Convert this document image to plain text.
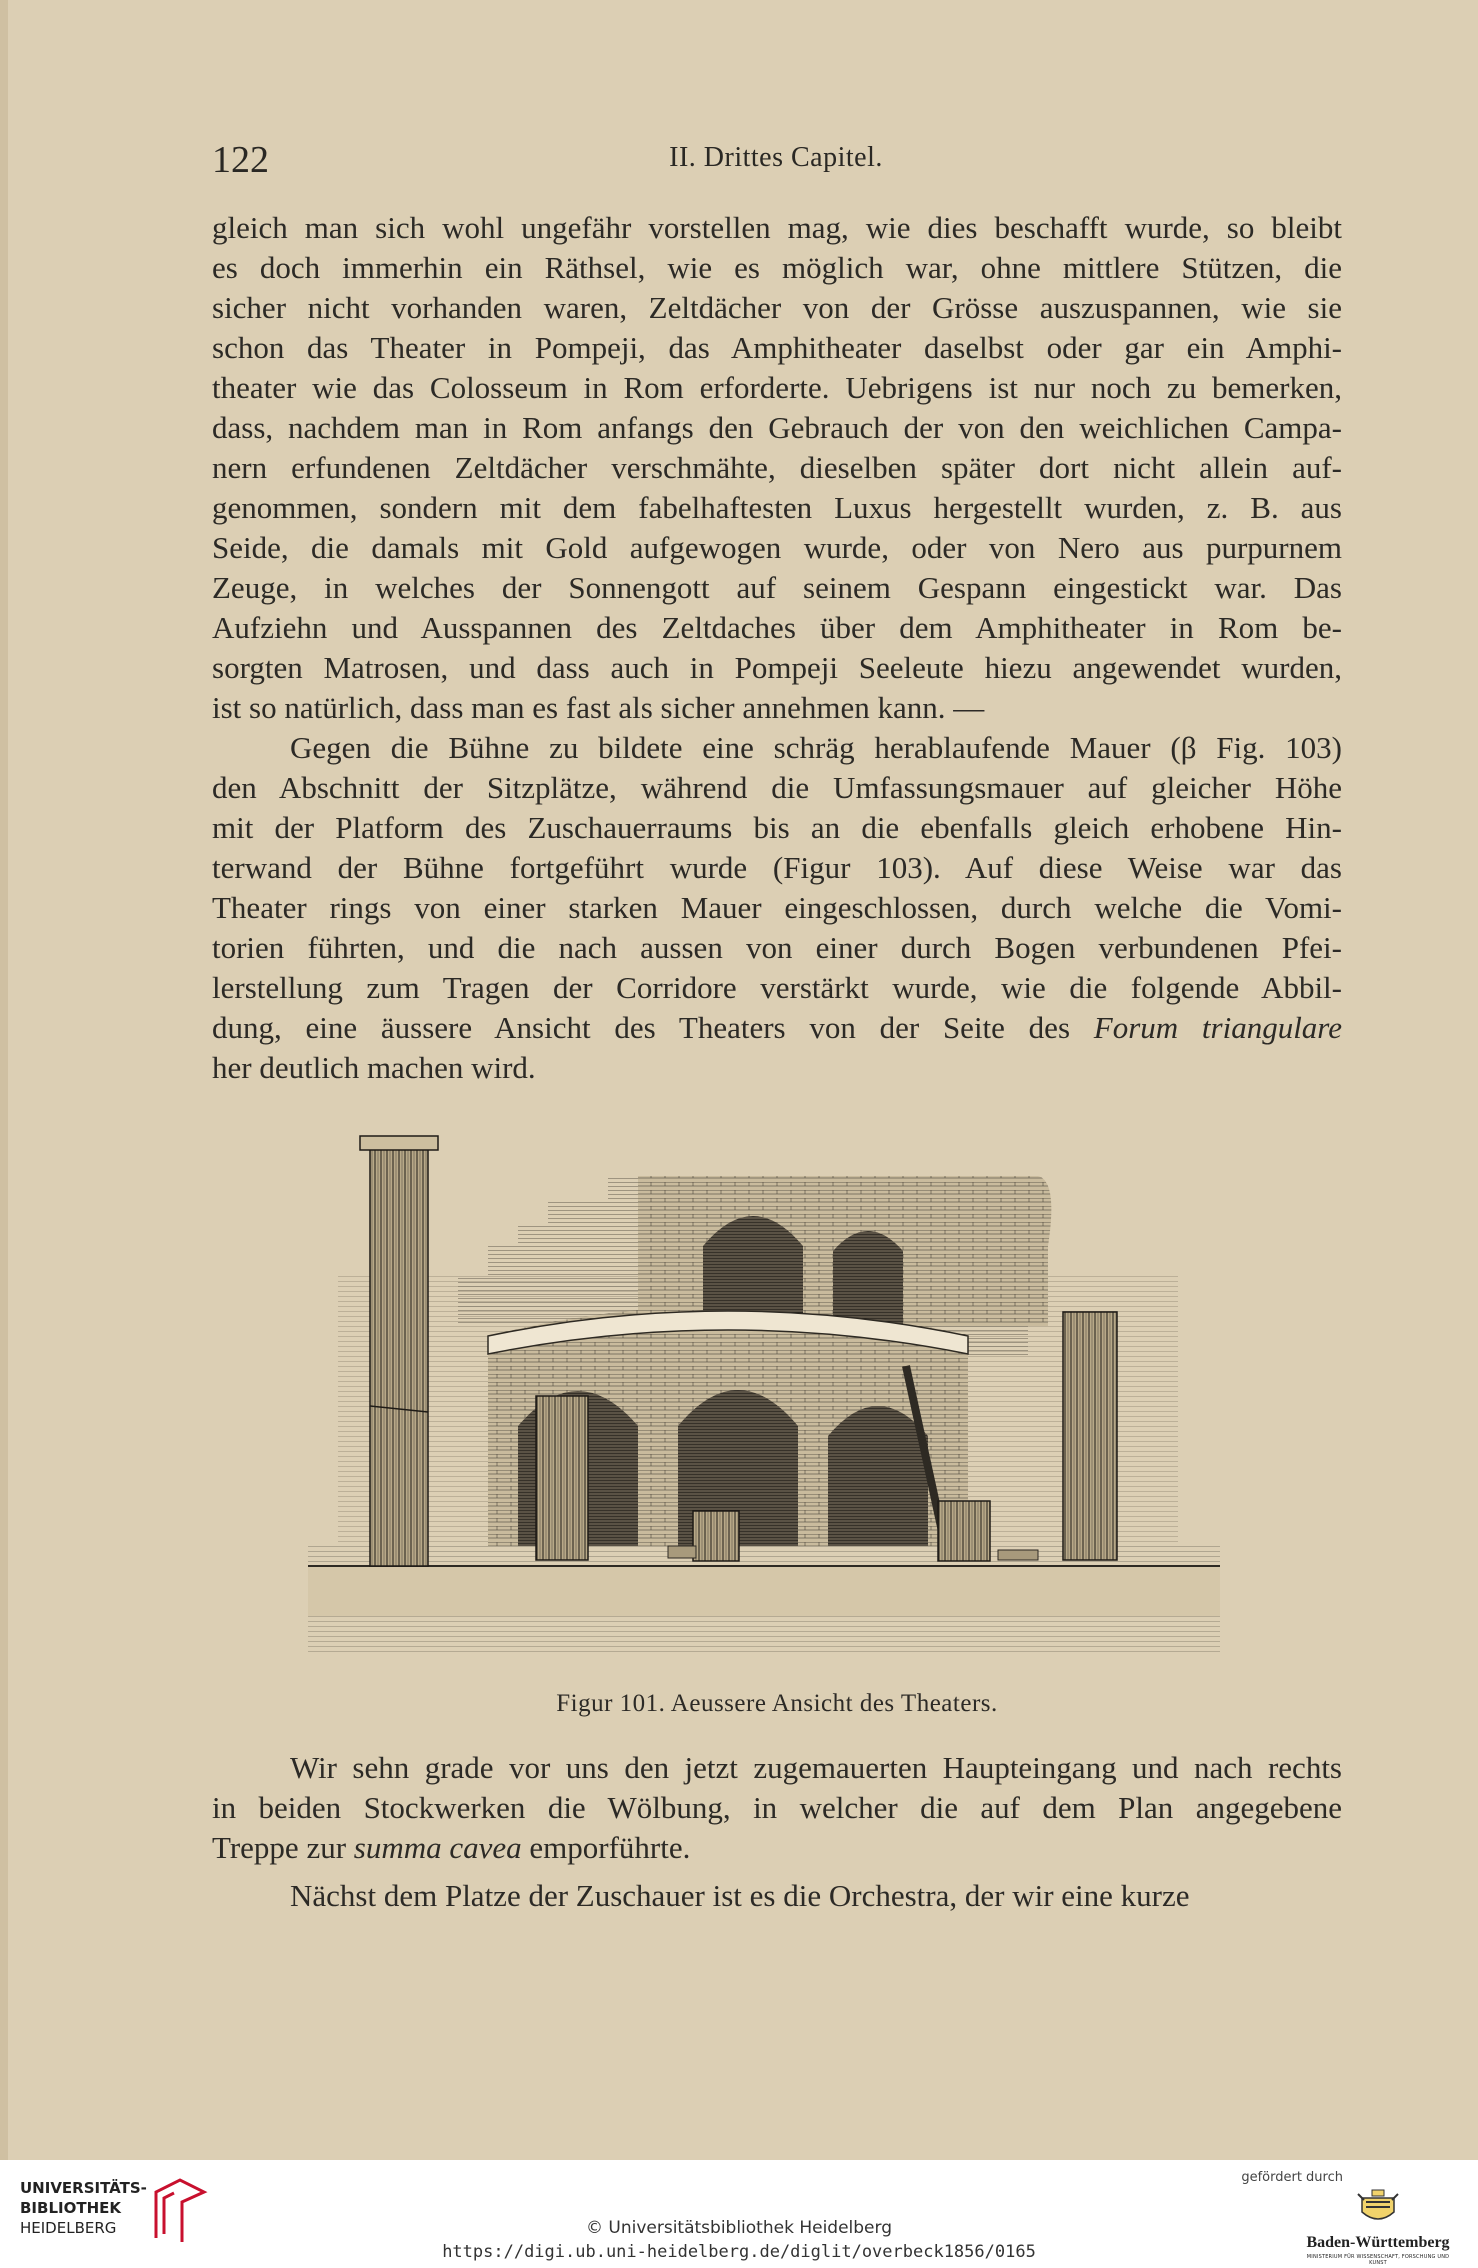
122	II. Drittes Capitel.
gleich man sich wohl ungefähr vorstellen mag, wie dies beschafft wurde, so bleibt
es doch immerhin ein Räthsel, wie es möglich war, ohne mittlere Stützen, die
sicher nicht vorhanden waren, Zeltdächer von der Grösse auszuspannen, wie sie
schon das Theater in Pompeji, das Amphitheater daselbst oder gar ein Amphi-
theater wie das Colosseum in Rom erforderte. Uebrigens ist nur noch zu bemerken,
dass, nachdem man in Rom anfangs den Gebrauch der von den weichlichen Campa-
nern erfundenen Zeltdächer verschmähte, dieselben später dort nicht allein auf-
genommen, sondern mit dem fabelhaftesten Luxus hergestellt wurden, z. B. aus
Seide, die damals mit Gold aufgewogen wurde, oder von Nero aus purpurnem
Zeuge, in welches der Sonnengott auf seinem Gespann eingestickt war. Das
Aufziehn und Ausspannen des Zeltdaches über dem Amphitheater in Rom be-
sorgten Matrosen, und dass auch in Pompeji Seeleute hiezu angewendet wurden,
ist so natürlich, dass man es fast als sicher annehmen kann. —
Gegen die Bühne zu bildete eine schräg herablaufende Mauer (β Fig. 103)
den Abschnitt der Sitzplätze, während die Umfassungsmauer auf gleicher Höhe
mit der Platform des Zuschauerraums bis an die ebenfalls gleich erhobene Hin-
terwand der Bühne fortgeführt wurde (Figur 103). Auf diese Weise war das
Theater rings von einer starken Mauer eingeschlossen, durch welche die Vomi-
torien führten, und die nach aussen von einer durch Bogen verbundenen Pfei-
lerstellung zum Tragen der Corridore verstärkt wurde, wie die folgende Abbil-
dung, eine äussere Ansicht des Theaters von der Seite des Forum triangulare
her deutlich machen wird.
Figur 101. Aeussere Ansicht des Theaters.
Wir sehn grade vor uns den jetzt zugemauerten Haupteingang und nach rechts
in beiden Stockwerken die Wölbung, in welcher die auf dem Plan angegebene
Treppe zur summa cavea emporführte.
Nächst dem Platze der Zuschauer ist es die Orchestra, der wir eine kurze
UNIVERSITÄTS-
BIBLIOTHEK
HEIDELBERG	© Universitätsbibliothek Heidelberg
https://digi.ub.uni-heidelberg.de/diglit/overbeck1856/0165
gefördert durch
Baden-Württemberg
MINISTERIUM FÜR WISSENSCHAFT, FORSCHUNG UND KUNST
